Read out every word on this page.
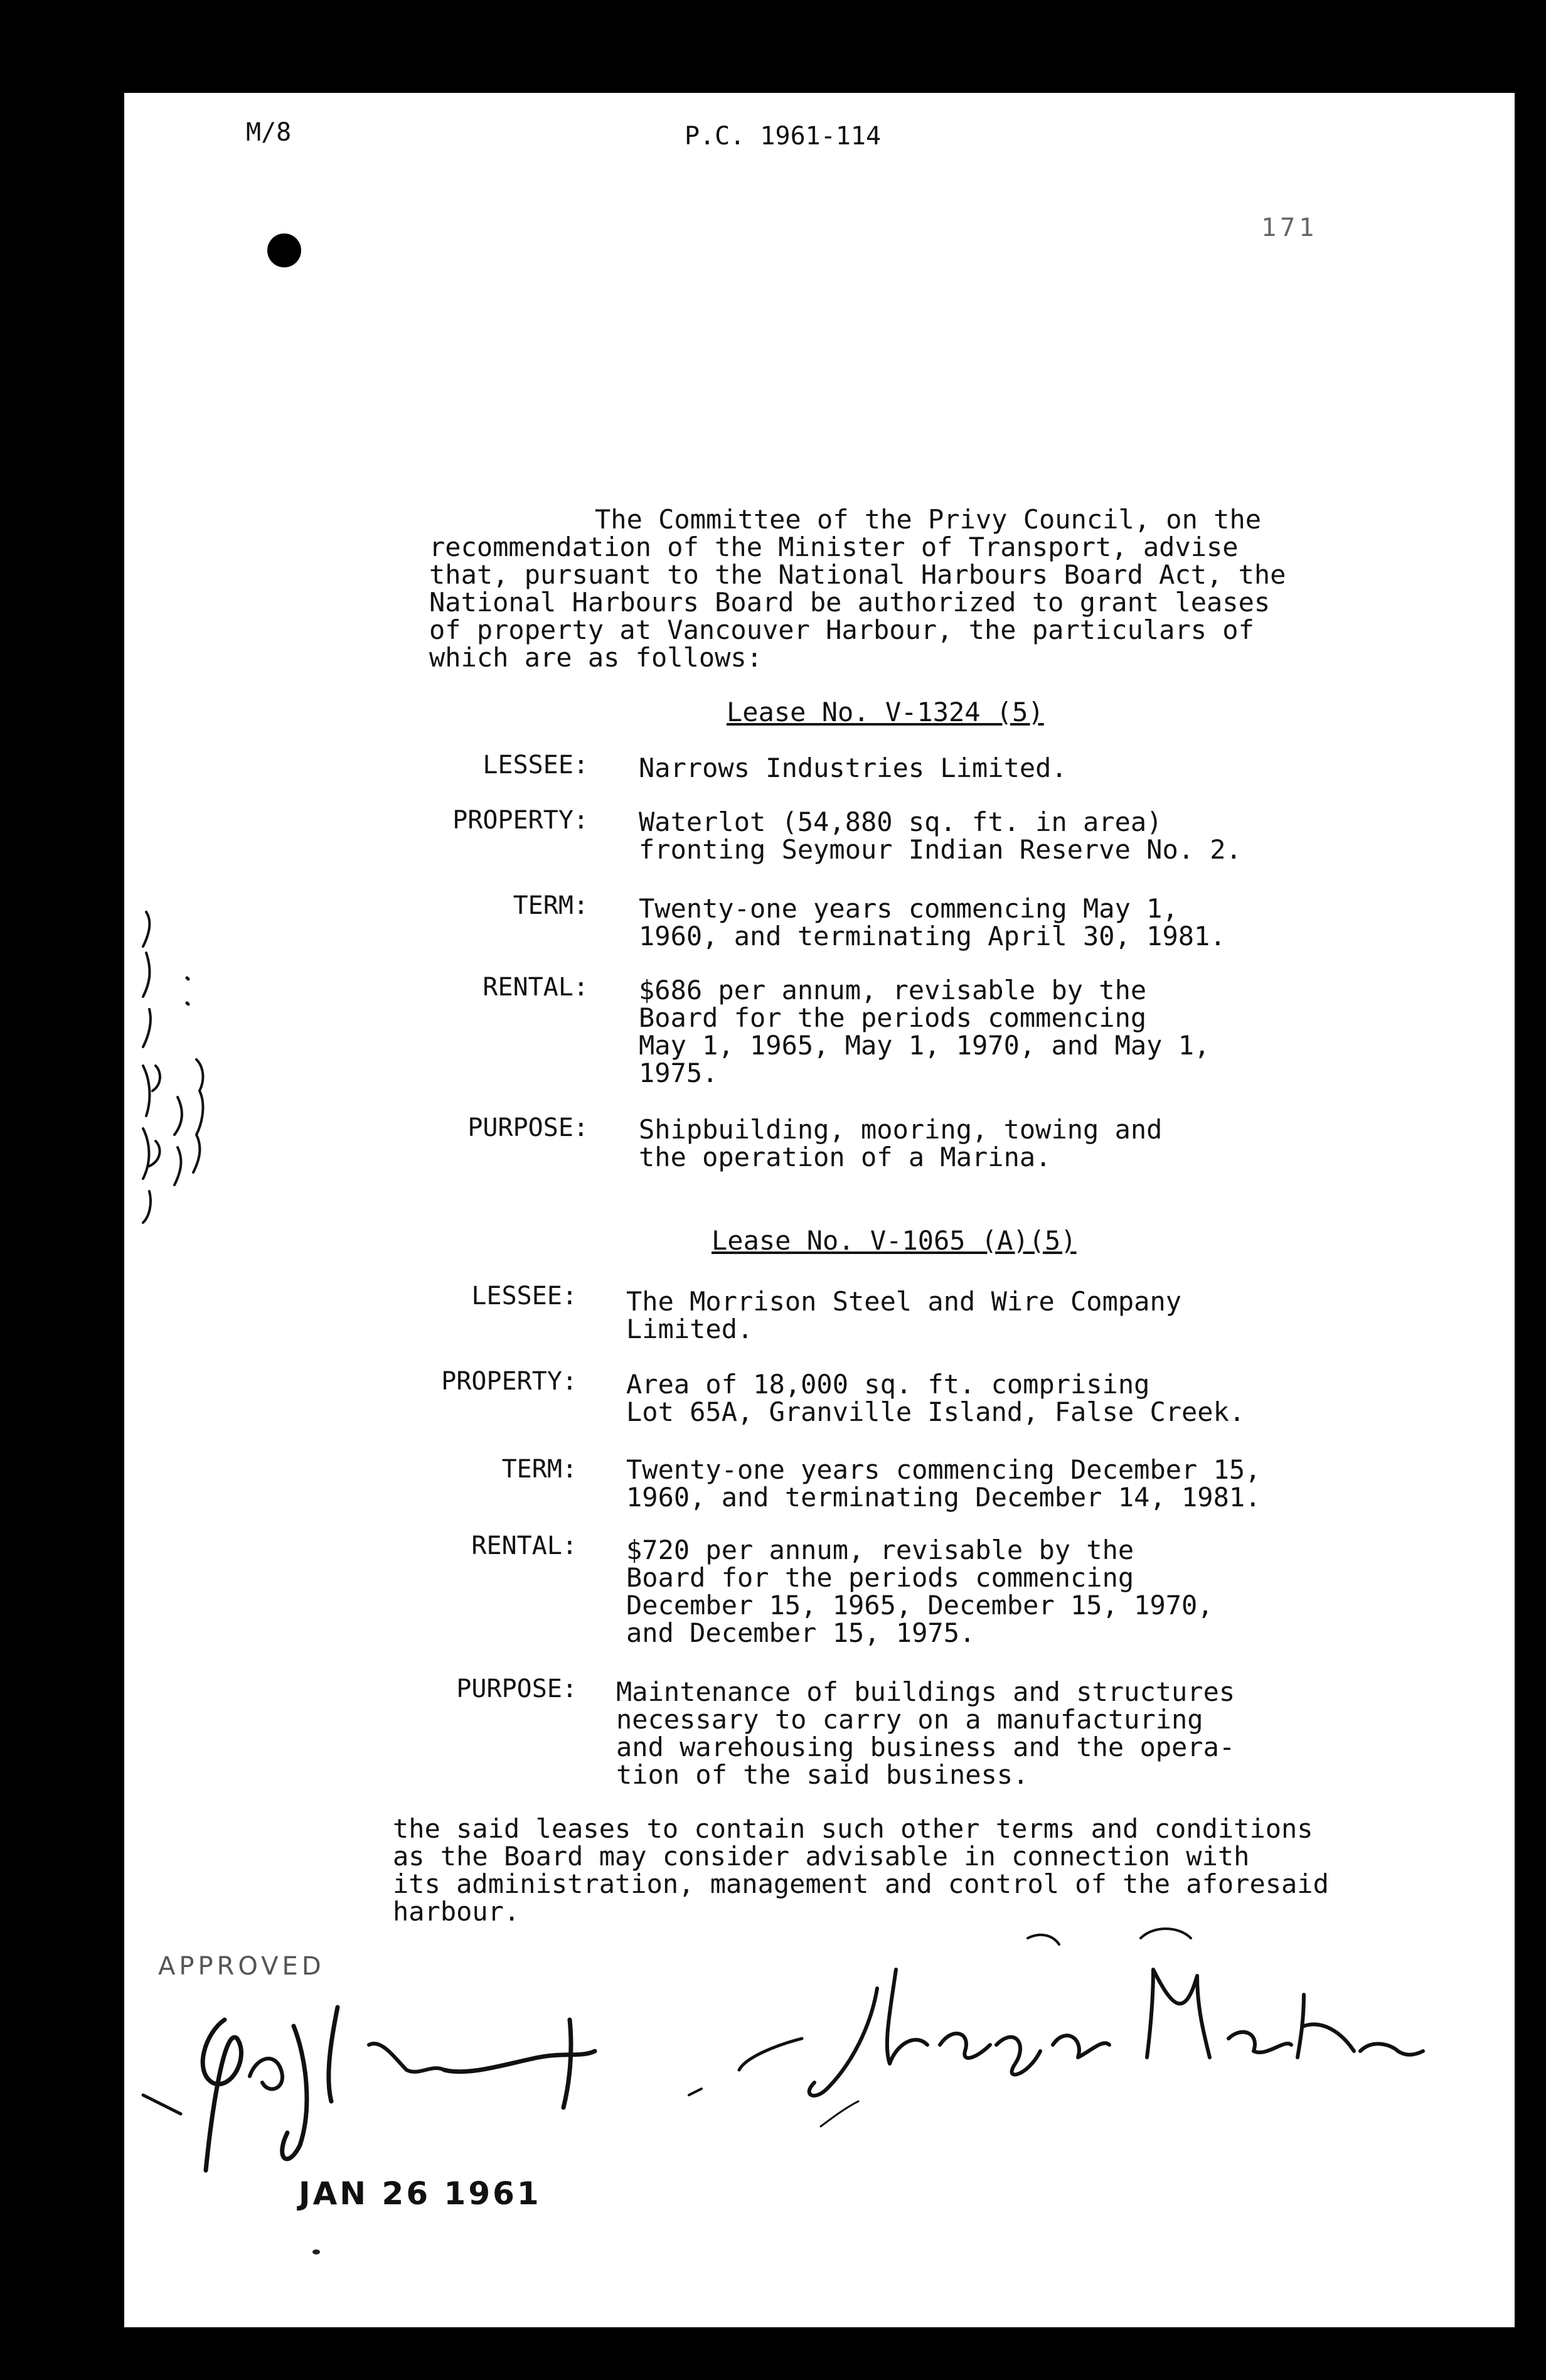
M/8	P.C. 1961-114
171
The Committee of the Privy Council, on the
recommendation of the Minister of Transport, advise
that, pursuant to the National Harbours Board Act, the
National Harbours Board be authorized to grant leases
of property at Vancouver Harbour, the particulars of
which are as follows:
Lease No. V-1324 (5)
LESSEE: Narrows Industries Limited.
PROPERTY: Waterlot (54,880 sq. ft. in area)
fronting Seymour Indian Reserve No. 2.
TERM: Twenty-one years commencing May 1,
1960, and terminating April 30, 1981.
RENTAL: $686 per annum, revisable by the
Board for the periods commencing
May 1, 1965, May 1, 1970, and May 1,
1975.
PURPOSE: Shipbuilding, mooring, towing and
the operation of a Marina.
Lease No. V-1065 (A)(5)
LESSEE: The Morrison Steel and Wire Company
Limited.
PROPERTY: Area of 18,000 sq. ft. comprising
Lot 65A, Granville Island, False Creek.
TERM: Twenty-one years commencing December 15,
1960, and terminating December 14, 1981.
RENTAL: $720 per annum, revisable by the
Board for the periods commencing
December 15, 1965, December 15, 1970,
and December 15, 1975.
PURPOSE: Maintenance of buildings and structures
necessary to carry on a manufacturing
and warehousing business and the opera-
tion of the said business.
the said leases to contain such other terms and conditions
as the Board may consider advisable in connection with
its administration, management and control of the aforesaid
harbour.
APPROVED
JAN 26 1961
